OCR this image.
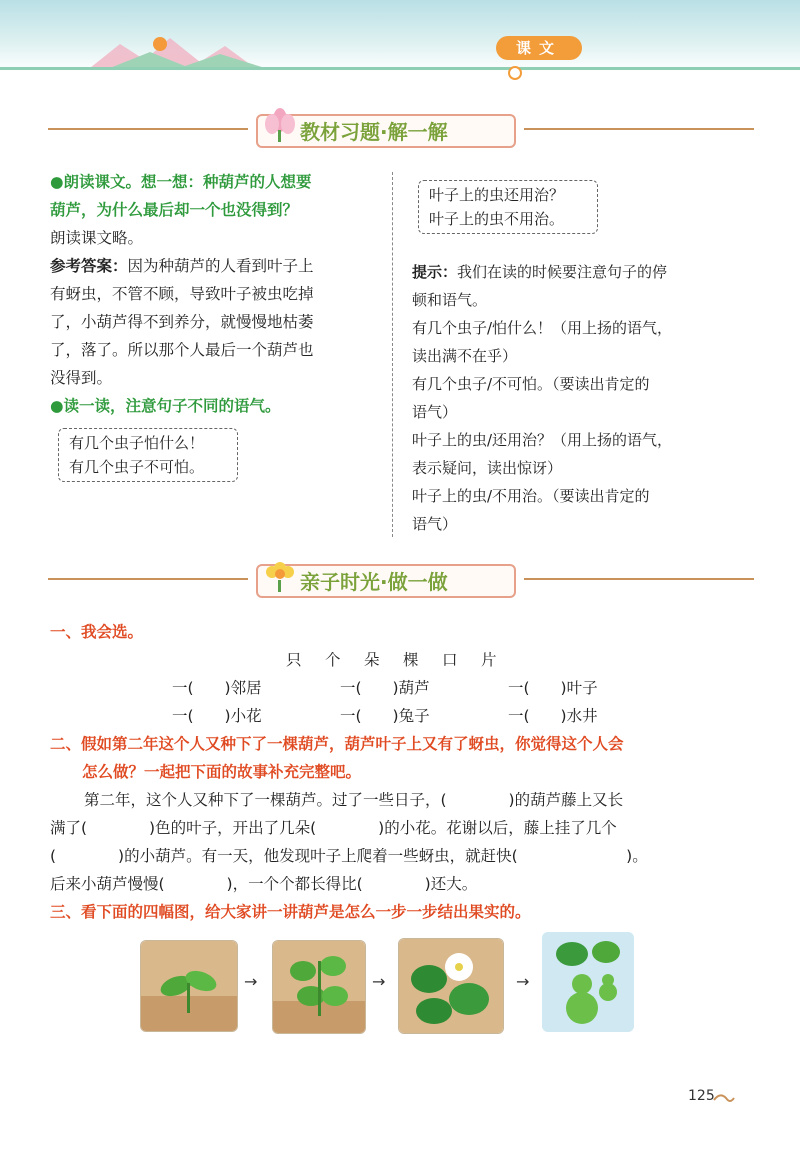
课文
教材习题·解一解
●朗读课文。想一想：种葫芦的人想要
葫芦，为什么最后却一个也没得到？
朗读课文略。
参考答案：因为种葫芦的人看到叶子上
有蚜虫，不管不顾，导致叶子被虫吃掉
了，小葫芦得不到养分，就慢慢地枯萎
了，落了。所以那个人最后一个葫芦也
没得到。
●读一读，注意句子不同的语气。
有几个虫子怕什么！
有几个虫子不可怕。
叶子上的虫还用治？
叶子上的虫不用治。
提示：我们在读的时候要注意句子的停
顿和语气。
有几个虫子/怕什么！（用上扬的语气，
读出满不在乎）
有几个虫子/不可怕。（要读出肯定的
语气）
叶子上的虫/还用治？（用上扬的语气，
表示疑问，读出惊讶）
叶子上的虫/不用治。（要读出肯定的
语气）
亲子时光·做一做
一、我会选。
只　个　朵　棵　口　片
一(　　)邻居	一(　　)葫芦	一(　　)叶子
一(　　)小花	一(　　)兔子	一(　　)水井
二、假如第二年这个人又种下了一棵葫芦，葫芦叶子上又有了蚜虫，你觉得这个人会
怎么做？一起把下面的故事补充完整吧。
第二年，这个人又种下了一棵葫芦。过了一些日子，(　　　　)的葫芦藤上又长
满了(　　　　)色的叶子，开出了几朵(　　　　)的小花。花谢以后，藤上挂了几个
(　　　　)的小葫芦。有一天，他发现叶子上爬着一些蚜虫，就赶快(　　　　　　　)。
后来小葫芦慢慢(　　　　)，一个个都长得比(　　　　)还大。
三、看下面的四幅图，给大家讲一讲葫芦是怎么一步一步结出果实的。
→	→	→
125
